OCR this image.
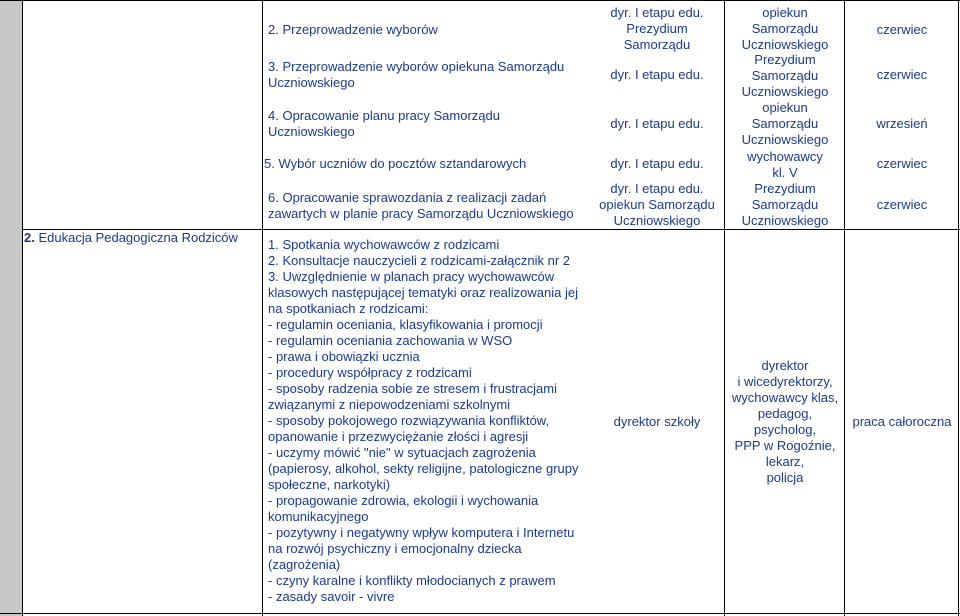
2. Edukacja Pedagogiczna Rodziców
2. Przeprowadzenie wyborów
dyr. I etapu edu.
Prezydium
Samorządu
opiekun
Samorządu
Uczniowskiego
czerwiec
3. Przeprowadzenie wyborów opiekuna Samorządu
Uczniowskiego
dyr. I etapu edu.
Prezydium
Samorządu
Uczniowskiego
czerwiec
4. Opracowanie planu pracy Samorządu
Uczniowskiego
dyr. I etapu edu.
opiekun
Samorządu
Uczniowskiego
wrzesień
5. Wybór uczniów do pocztów sztandarowych	dyr. I etapu edu.	wychowawcy
kl. V
czerwiec
6. Opracowanie sprawozdania z realizacji zadań
zawartych w planie pracy Samorządu Uczniowskiego
dyr. I etapu edu.
opiekun Samorządu
Uczniowskiego
Prezydium
Samorządu
Uczniowskiego
czerwiec
1. Spotkania wychowawców z rodzicami
2. Konsultacje nauczycieli z rodzicami-załącznik nr 2
3. Uwzględnienie w planach pracy wychowawców
klasowych następującej tematyki oraz realizowania jej
na spotkaniach z rodzicami:
- regulamin oceniania, klasyfikowania i promocji
- regulamin oceniania zachowania w WSO
- prawa i obowiązki ucznia
- procedury współpracy z rodzicami
- sposoby radzenia sobie ze stresem i frustracjami
związanymi z niepowodzeniami szkolnymi
- sposoby pokojowego rozwiązywania konfliktów,
opanowanie i przezwyciężanie złości i agresji
- uczymy mówić "nie" w sytuacjach zagrożenia
(papierosy, alkohol, sekty religijne, patologiczne grupy
społeczne, narkotyki)
- propagowanie zdrowia, ekologii i wychowania
komunikacyjnego
- pozytywny i negatywny wpływ komputera i Internetu
na rozwój psychiczny i emocjonalny dziecka
(zagrożenia)
- czyny karalne i konflikty młodocianych z prawem
- zasady savoir - vivre
dyrektor szkoły
dyrektor
i wicedyrektorzy,
wychowawcy klas,
pedagog,
psycholog,
PPP w Rogoźnie,
lekarz,
policja
praca całoroczna
